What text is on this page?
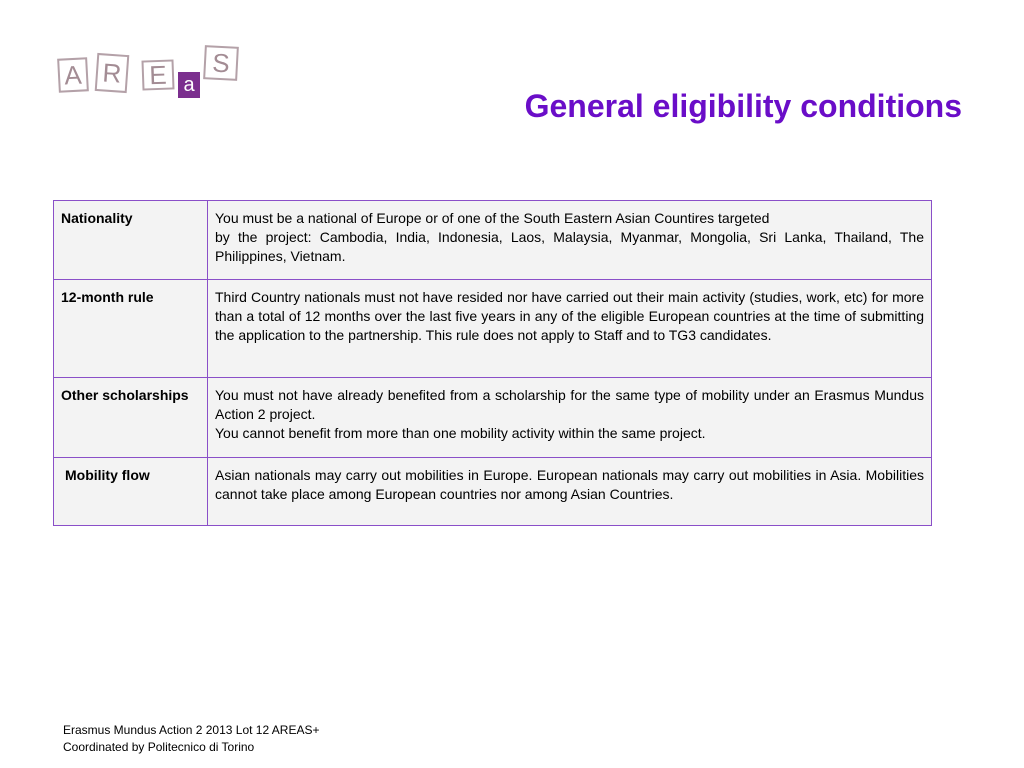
A R E a
S
General eligibility conditions
Nationality	You must be a national of Europe or of one of the South Eastern Asian Countires targeted
by the project: Cambodia, India, Indonesia, Laos, Malaysia, Myanmar, Mongolia, Sri Lanka, Thailand, The Philippines, Vietnam.

12-month rule	Third Country nationals must not have resided nor have carried out their main activity (studies, work, etc) for more than a total of 12 months over the last five years in any of the eligible European countries at the time of submitting the application to the partnership. This rule does not apply to Staff and to TG3 candidates.

Other scholarships	You must not have already benefited from a scholarship for the same type of mobility under an Erasmus Mundus Action 2 project.
You cannot benefit from more than one mobility activity within the same project.

Mobility flow	Asian nationals may carry out mobilities in Europe. European nationals may carry out mobilities in Asia. Mobilities cannot take place among European countries nor among Asian Countries.
Erasmus Mundus Action 2 2013 Lot 12 AREAS+
Coordinated by Politecnico di Torino
